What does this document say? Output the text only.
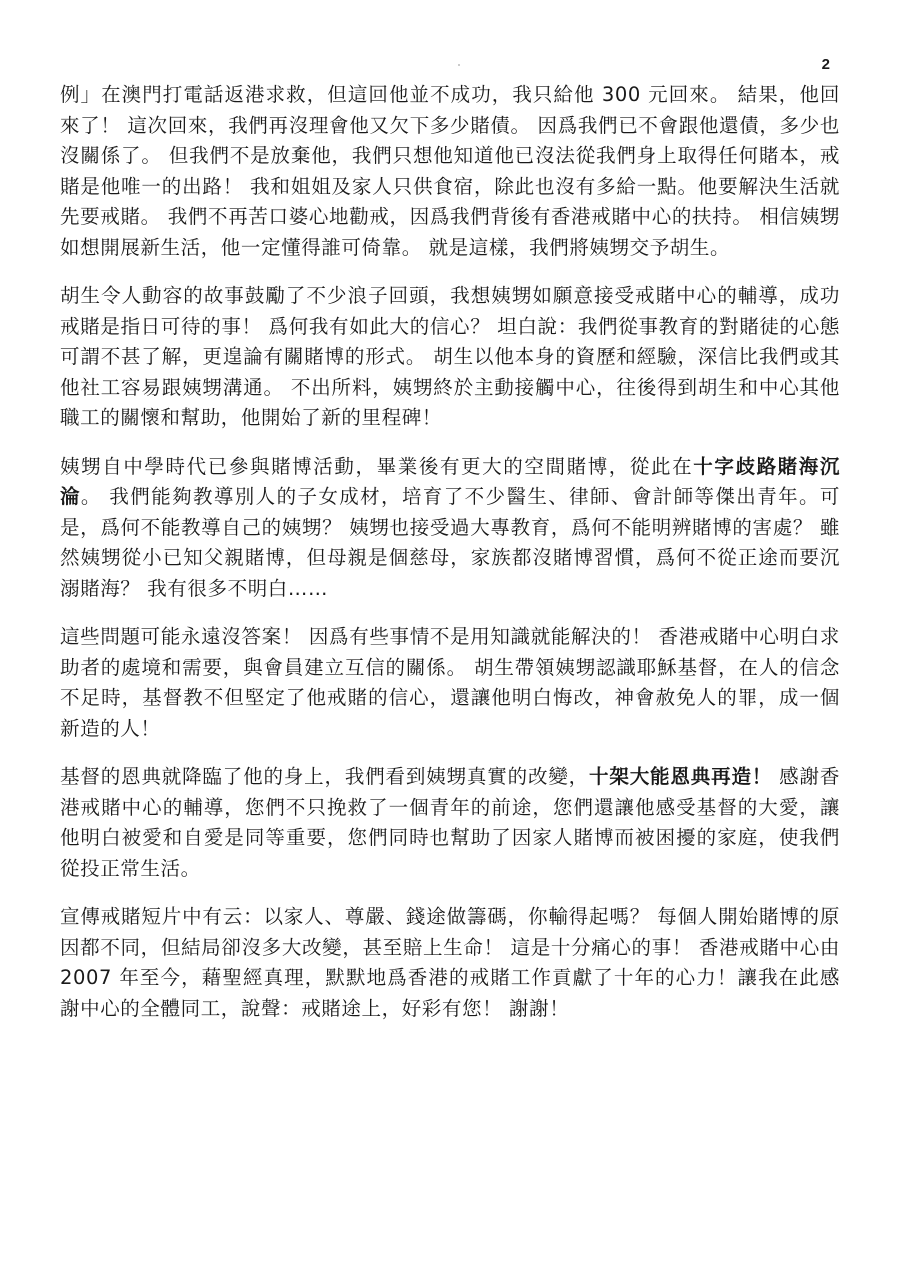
2

例」在澳門打電話返港求救，但這回他並不成功，我只給他 300 元回來。 結果，他回來了！ 這次回來，我們再沒理會他又欠下多少賭債。 因爲我們已不會跟他還債，多少也沒關係了。 但我們不是放棄他，我們只想他知道他已沒法從我們身上取得任何賭本，戒賭是他唯一的出路！ 我和姐姐及家人只供食宿，除此也沒有多給一點。他要解決生活就先要戒賭。 我們不再苦口婆心地勸戒，因爲我們背後有香港戒賭中心的扶持。 相信姨甥如想開展新生活，他一定懂得誰可倚靠。 就是這樣，我們將姨甥交予胡生。

胡生令人動容的故事鼓勵了不少浪子回頭，我想姨甥如願意接受戒賭中心的輔導，成功戒賭是指日可待的事！ 爲何我有如此大的信心？ 坦白說：我們從事教育的對賭徒的心態可謂不甚了解，更遑論有關賭博的形式。 胡生以他本身的資歷和經驗，深信比我們或其他社工容易跟姨甥溝通。 不出所料，姨甥終於主動接觸中心，往後得到胡生和中心其他職工的關懷和幫助，他開始了新的里程碑！

姨甥自中學時代已參與賭博活動，畢業後有更大的空間賭博，從此在十字歧路賭海沉淪。 我們能夠教導別人的子女成材，培育了不少醫生、律師、會計師等傑出青年。可是，爲何不能教導自己的姨甥？ 姨甥也接受過大專教育，爲何不能明辨賭博的害處？ 雖然姨甥從小已知父親賭博，但母親是個慈母，家族都沒賭博習慣，爲何不從正途而要沉溺賭海？ 我有很多不明白……

這些問題可能永遠沒答案！ 因爲有些事情不是用知識就能解決的！ 香港戒賭中心明白求助者的處境和需要，與會員建立互信的關係。 胡生帶領姨甥認識耶穌基督，在人的信念不足時，基督教不但堅定了他戒賭的信心，還讓他明白悔改，神會赦免人的罪，成一個新造的人！

基督的恩典就降臨了他的身上，我們看到姨甥真實的改變，十架大能恩典再造！ 感謝香港戒賭中心的輔導，您們不只挽救了一個青年的前途，您們還讓他感受基督的大愛，讓他明白被愛和自愛是同等重要，您們同時也幫助了因家人賭博而被困擾的家庭，使我們從投正常生活。

宣傳戒賭短片中有云：以家人、尊嚴、錢途做籌碼，你輸得起嗎？ 每個人開始賭博的原因都不同，但結局卻沒多大改變，甚至賠上生命！ 這是十分痛心的事！ 香港戒賭中心由 2007 年至今，藉聖經真理，默默地爲香港的戒賭工作貢獻了十年的心力！讓我在此感謝中心的全體同工，說聲：戒賭途上，好彩有您！ 謝謝！
